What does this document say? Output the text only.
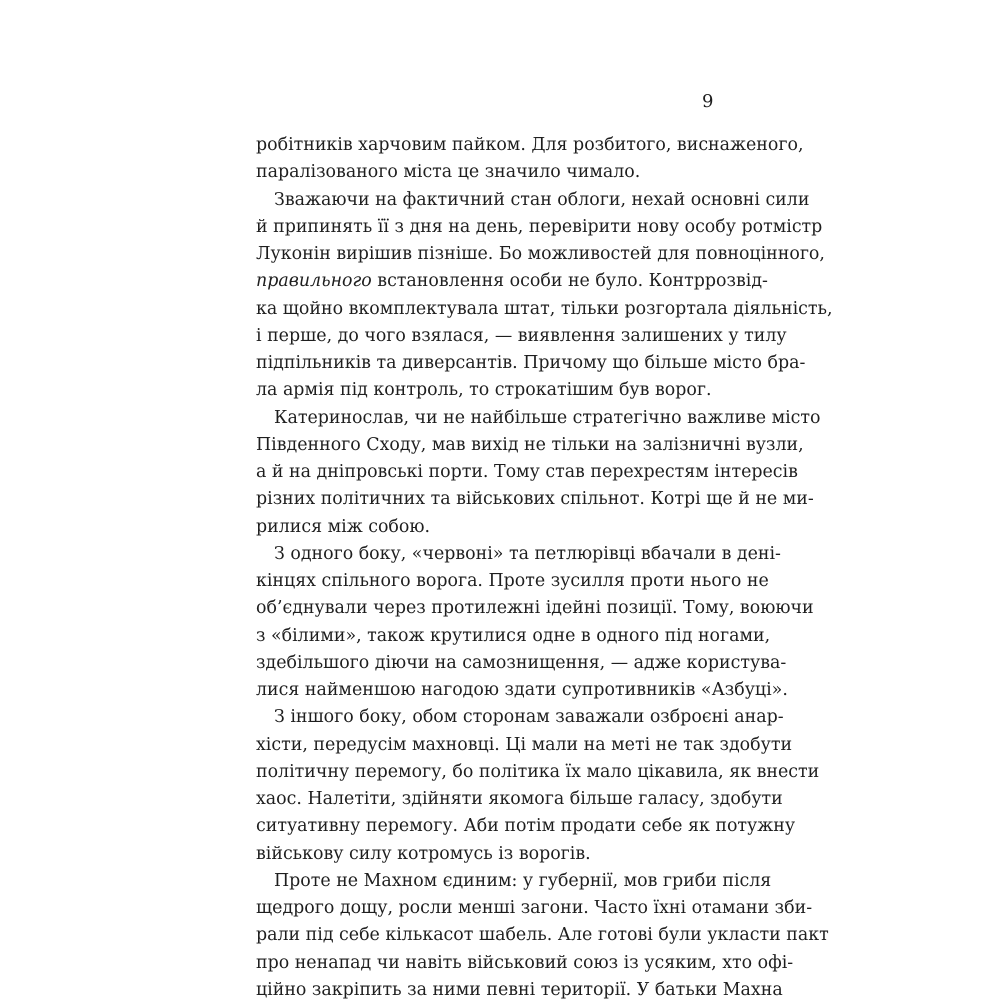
9
робітників харчовим пайком. Для розбитого, виснаженого,
паралізованого міста це значило чимало.
Зважаючи на фактичний стан облоги, нехай основні сили
й припинять її з дня на день, перевірити нову особу ротмістр
Луконін вирішив пізніше. Бо можливостей для повноцінного,
правильного встановлення особи не було. Контррозвід-
ка щойно вкомплектувала штат, тільки розгортала діяльність,
і перше, до чого взялася, — виявлення залишених у тилу
підпільників та диверсантів. Причому що більше місто бра-
ла армія під контроль, то строкатішим був ворог.
Катеринослав, чи не найбільше стратегічно важливе місто
Південного Сходу, мав вихід не тільки на залізничні вузли,
а й на дніпровські порти. Тому став перехрестям інтересів
різних політичних та військових спільнот. Котрі ще й не ми-
рилися між собою.
З одного боку, «червоні» та петлюрівці вбачали в дені-
кінцях спільного ворога. Проте зусилля проти нього не
об’єднували через протилежні ідейні позиції. Тому, воюючи
з «білими», також крутилися одне в одного під ногами,
здебільшого діючи на самознищення, — адже користува-
лися найменшою нагодою здати супротивників «Азбуці».
З іншого боку, обом сторонам заважали озброєні анар-
хісти, передусім махновці. Ці мали на меті не так здобути
політичну перемогу, бо політика їх мало цікавила, як внести
хаос. Налетіти, здійняти якомога більше галасу, здобути
ситуативну перемогу. Аби потім продати себе як потужну
військову силу котромусь із ворогів.
Проте не Махном єдиним: у губернії, мов гриби після
щедрого дощу, росли менші загони. Часто їхні отамани зби-
рали під себе кількасот шабель. Але готові були укласти пакт
про ненапад чи навіть військовий союз із усяким, хто офі-
ційно закріпить за ними певні території. У батьки Махна
